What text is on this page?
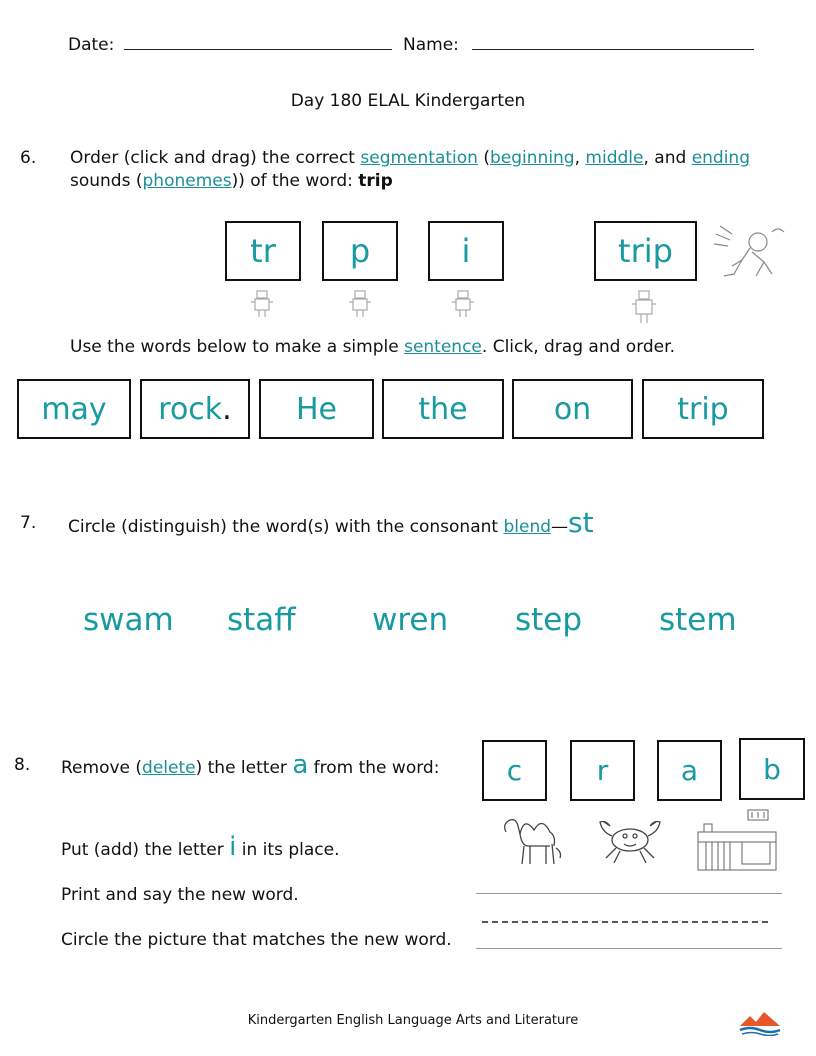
Date:	Name:
Day 180 ELAL Kindergarten
6. Order (click and drag) the correct segmentation (beginning, middle, and ending
sounds (phonemes)) of the word: trip
tr	p	i	trip
Use the words below to make a simple sentence. Click, drag and order.
may	rock .	He	the	on	trip
7. Circle (distinguish) the word(s) with the consonant blend—st
swam staff wren step stem
8. Remove (delete) the letter a from the word:	c	r	a	b
Put (add) the letter i in its place.
Print and say the new word.
Circle the picture that matches the new word.
Kindergarten English Language Arts and Literature
